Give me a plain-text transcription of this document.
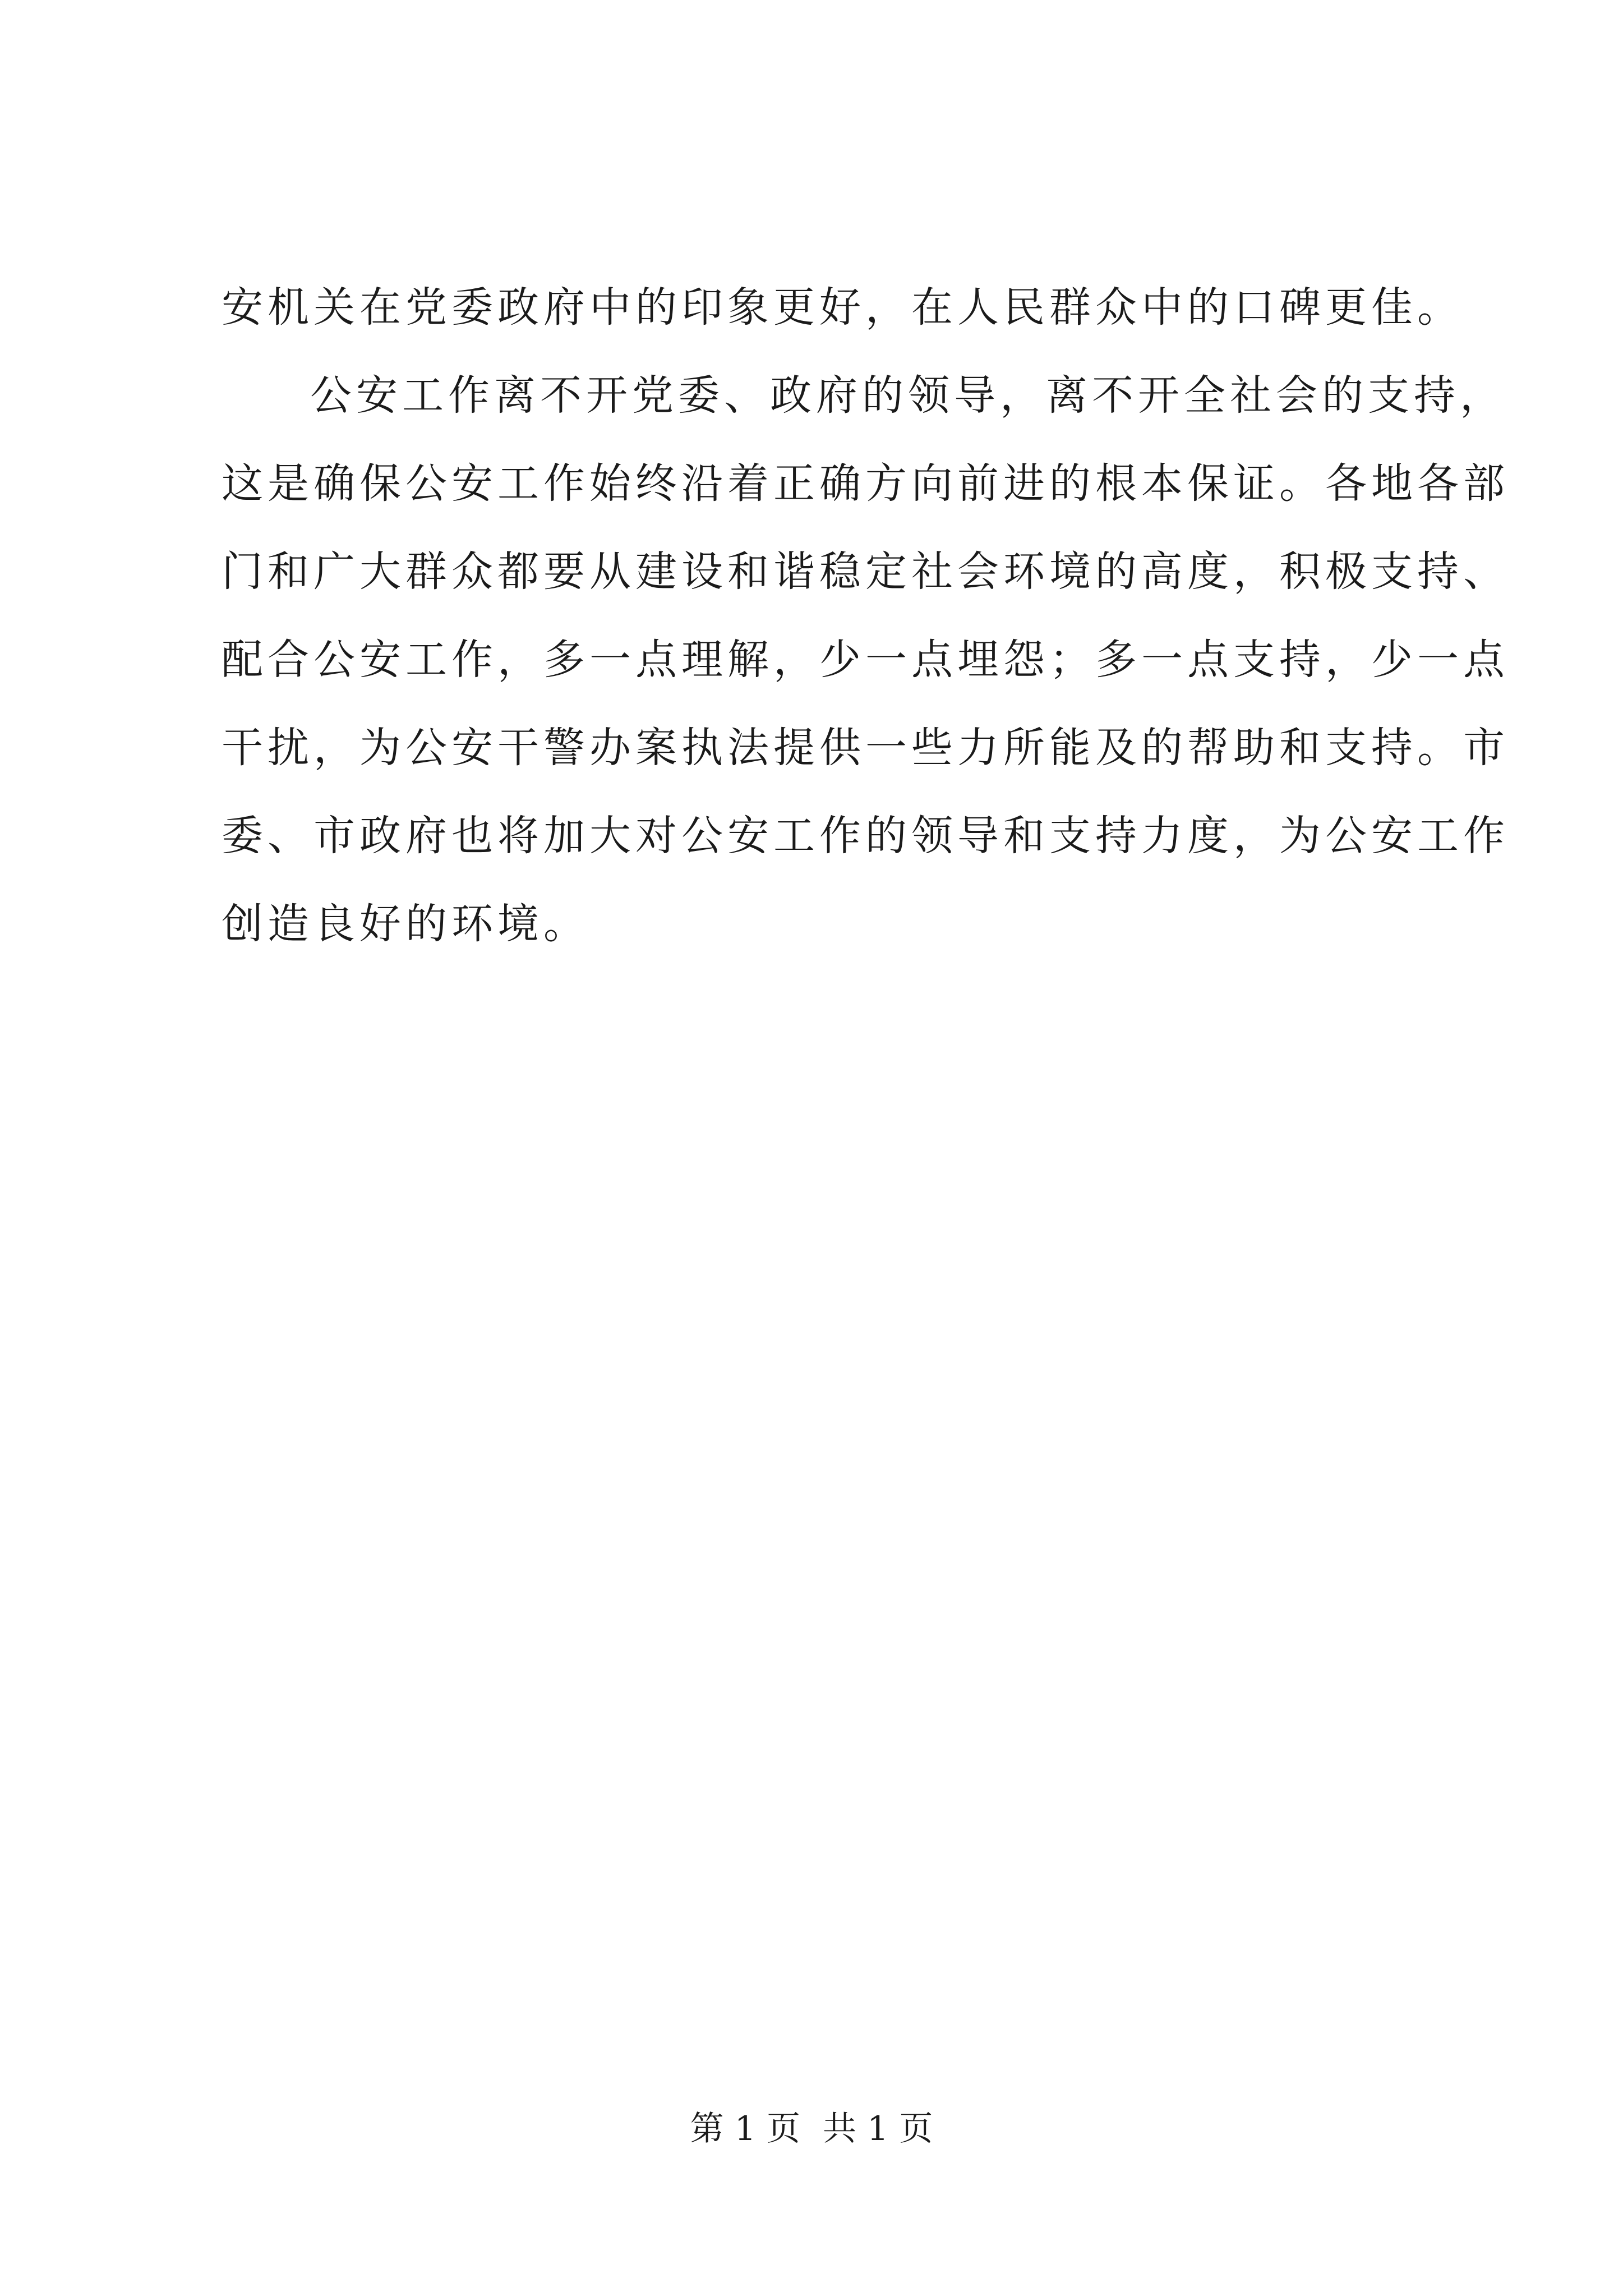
安机关在党委政府中的印象更好，在人民群众中的口碑更佳。
公安工作离不开党委、政府的领导，离不开全社会的支持，
这是确保公安工作始终沿着正确方向前进的根本保证。各地各部
门和广大群众都要从建设和谐稳定社会环境的高度，积极支持、
配合公安工作，多一点理解，少一点埋怨；多一点支持，少一点
干扰，为公安干警办案执法提供一些力所能及的帮助和支持。市
委、市政府也将加大对公安工作的领导和支持力度，为公安工作
创造良好的环境。
第 1 页 共 1 页
